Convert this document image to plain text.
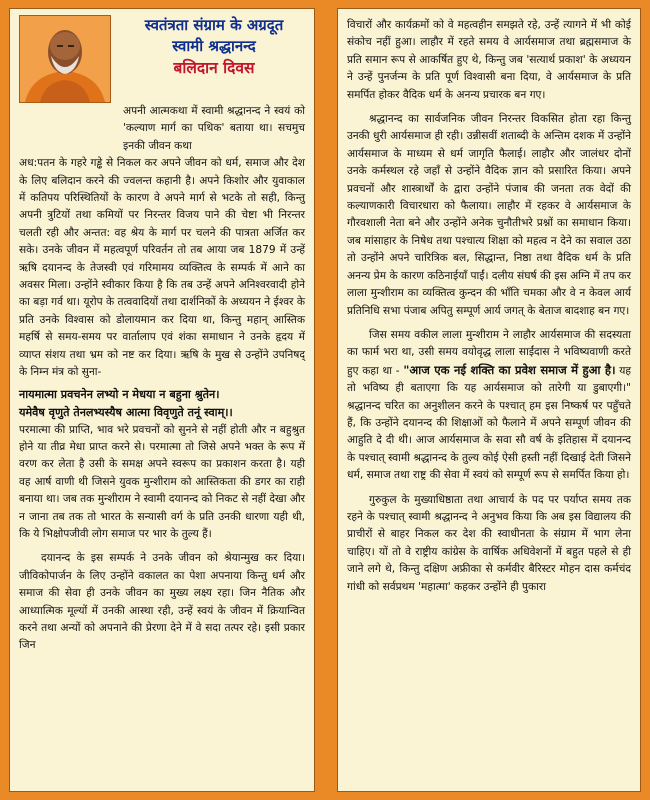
स्वतंत्रता संग्राम के अग्रदूत
स्वामी श्रद्धानन्द
बलिदान दिवस

अपनी आत्मकथा में स्वामी श्रद्धानन्द ने स्वयं को 'कल्याण मार्ग का पथिक' बताया था। सचमुच इनकी जीवन कथा

अध:पतन के गहरे गड्ढे से निकल कर अपने जीवन को धर्म, समाज और देश के लिए बलिदान करने की ज्वलन्त कहानी है। अपने किशोर और युवाकाल में कतिपय परिस्थितियों के कारण वे अपने मार्ग से भटके तो सही, किन्तु अपनी त्रुटियों तथा कमियों पर निरन्तर विजय पाने की चेष्टा भी निरन्तर चलती रही और अन्तत: वह श्रेय के मार्ग पर चलने की पात्रता अर्जित कर सके। उनके जीवन में महत्वपूर्ण परिवर्तन तो तब आया जब 1879 में उन्हें ऋषि दयानन्द के तेजस्वी एवं गरिमामय व्यक्तित्व के सम्पर्क में आने का अवसर मिला। उन्होंने स्वीकार किया है कि तब उन्हें अपने अनिश्वरवादी होने का बड़ा गर्व था। यूरोप के तत्ववादियों तथा दार्शनिकों के अध्ययन ने ईश्वर के प्रति उनके विश्वास को डोलायमान कर दिया था, किन्तु महान् आस्तिक महर्षि से समय-समय पर वार्तालाप एवं शंका समाधान ने उनके हृदय में व्याप्त संशय तथा भ्रम को नष्ट कर दिया। ऋषि के मुख से उन्होंने उपनिषद् के निम्न मंत्र को सुना-

नायमात्मा प्रवचनेन लभ्यो न मेधया न बहुना श्रुतेन।
यमेवैष वृणुते तेनलभ्यस्यैष आत्मा विवृणुते तनूं स्वाम्।।

परमात्मा की प्राप्ति, भाव भरे प्रवचनों को सुनने से नहीं होती और न बहुश्रुत होने या तीव्र मेधा प्राप्त करने से। परमात्मा तो जिसे अपने भक्त के रूप में वरण कर लेता है उसी के समक्ष अपने स्वरूप का प्रकाशन करता है। यही वह आर्ष वाणी थी जिसने युवक मुन्शीराम को आस्तिकता की डगर का राही बनाया था। जब तक मुन्शीराम ने स्वामी दयानन्द को निकट से नहीं देखा और न जाना तब तक तो भारत के सन्यासी वर्ग के प्रति उनकी धारणा यही थी, कि ये भिक्षोपजीवी लोग समाज पर भार के तुल्य हैं।

दयानन्द के इस सम्पर्क ने उनके जीवन को श्रेयान्मुख कर दिया। जीविकोपार्जन के लिए उन्होंने वकालत का पेशा अपनाया किन्तु धर्म और समाज की सेवा ही उनके जीवन का मुख्य लक्ष्य रहा। जिन नैतिक और आध्यात्मिक मूल्यों में उनकी आस्था रही, उन्हें स्वयं के जीवन में क्रियान्वित करने तथा अन्यों को अपनाने की प्रेरणा देने में वे सदा तत्पर रहे। इसी प्रकार जिन

विचारों और कार्यक्रमों को वे महत्वहीन समझते रहे, उन्हें त्यागने में भी कोई संकोच नहीं हुआ। लाहौर में रहते समय वे आर्यसमाज तथा ब्रह्मसमाज के प्रति समान रूप से आकर्षित हुए थे, किन्तु जब 'सत्यार्थ प्रकाश' के अध्ययन ने उन्हें पुनर्जन्म के प्रति पूर्ण विश्वासी बना दिया, वे आर्यसमाज के प्रति समर्पित होकर वैदिक धर्म के अनन्य प्रचारक बन गए।

श्रद्धानन्द का सार्वजनिक जीवन निरन्तर विकसित होता रहा किन्तु उनकी धुरी आर्यसमाज ही रही। उन्नीसवीं शताब्दी के अन्तिम दशक में उन्होंने आर्यसमाज के माध्यम से धर्म जागृति फैलाई। लाहौर और जालंधर दोनों उनके कर्मस्थल रहे जहाँ से उन्होंने वैदिक ज्ञान को प्रसारित किया। अपने प्रवचनों और शास्त्रार्थों के द्वारा उन्होंने पंजाब की जनता तक वेदों की कल्याणकारी विचारधारा को फैलाया। लाहौर में रहकर वे आर्यसमाज के गौरवशाली नेता बने और उन्होंने अनेक चुनौतीभरे प्रश्नों का समाधान किया। जब मांसाहार के निषेध तथा पश्चात्य शिक्षा को महत्व न देने का सवाल उठा तो उन्होंने अपने चारित्रिक बल, सिद्धान्त, निष्ठा तथा वैदिक धर्म के प्रति अनन्य प्रेम के कारण कठिनाईयाँ पाईं। दलीय संघर्ष की इस अग्नि में तप कर लाला मुन्शीराम का व्यक्तित्व कुन्दन की भाँति चमका और वे न केवल आर्य प्रतिनिधि सभा पंजाब अपितु सम्पूर्ण आर्य जगत् के बेताज बादशाह बन गए।

जिस समय वकील लाला मुन्शीराम ने लाहौर आर्यसमाज की सदस्यता का फार्म भरा था, उसी समय वयोवृद्ध लाला साईंदास ने भविष्यवाणी करते हुए कहा था - "आज एक नई शक्ति का प्रवेश समाज में हुआ है। यह तो भविष्य ही बताएगा कि यह आर्यसमाज को तारेगी या डुबाएगी।" श्रद्धानन्द चरित का अनुशीलन करने के पश्चात् हम इस निष्कर्ष पर पहुँचते हैं, कि उन्होंने दयानन्द की शिक्षाओं को फैलाने में अपने सम्पूर्ण जीवन की आहुति दे दी थी। आज आर्यसमाज के सवा सौ वर्ष के इतिहास में दयानन्द के पश्चात् स्वामी श्रद्धानन्द के तुल्य कोई ऐसी हस्ती नहीं दिखाई देती जिसने धर्म, समाज तथा राष्ट्र की सेवा में स्वयं को सम्पूर्ण रूप से समर्पित किया हो।

गुरुकुल के मुख्याधिष्ठाता तथा आचार्य के पद पर पर्याप्त समय तक रहने के पश्चात् स्वामी श्रद्धानन्द ने अनुभव किया कि अब इस विद्यालय की प्राचीरों से बाहर निकल कर देश की स्वाधीनता के संग्राम में भाग लेना चाहिए। यों तो वे राष्ट्रीय कांग्रेस के वार्षिक अधिवेशनों में बहुत पहले से ही जाने लगे थे, किन्तु दक्षिण अफ्रीका से कर्मवीर बैरिस्टर मोहन दास कर्मचंद गांधी को सर्वप्रथम 'महात्मा' कहकर उन्होंने ही पुकारा
